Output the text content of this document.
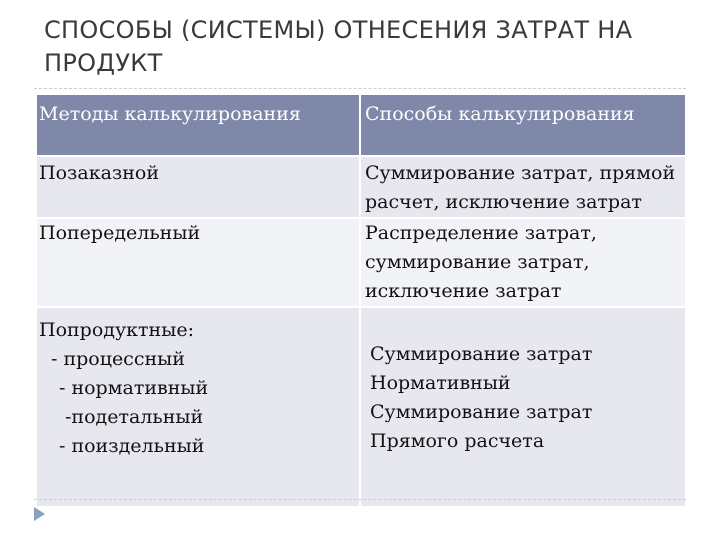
СПОСОБЫ (СИСТЕМЫ) ОТНЕСЕНИЯ ЗАТРАТ НА
ПРОДУКТ
Методы калькулирования	Способы калькулирования

Позаказной	Суммирование затрат, прямой
расчет, исключение затрат

Попередельный	Распределение затрат,
суммирование затрат,
исключение затрат

Попродуктные:
- процессный
- нормативный
-подетальный
- поиздельный	Суммирование затрат
Нормативный
Суммирование затрат
Прямого расчета
